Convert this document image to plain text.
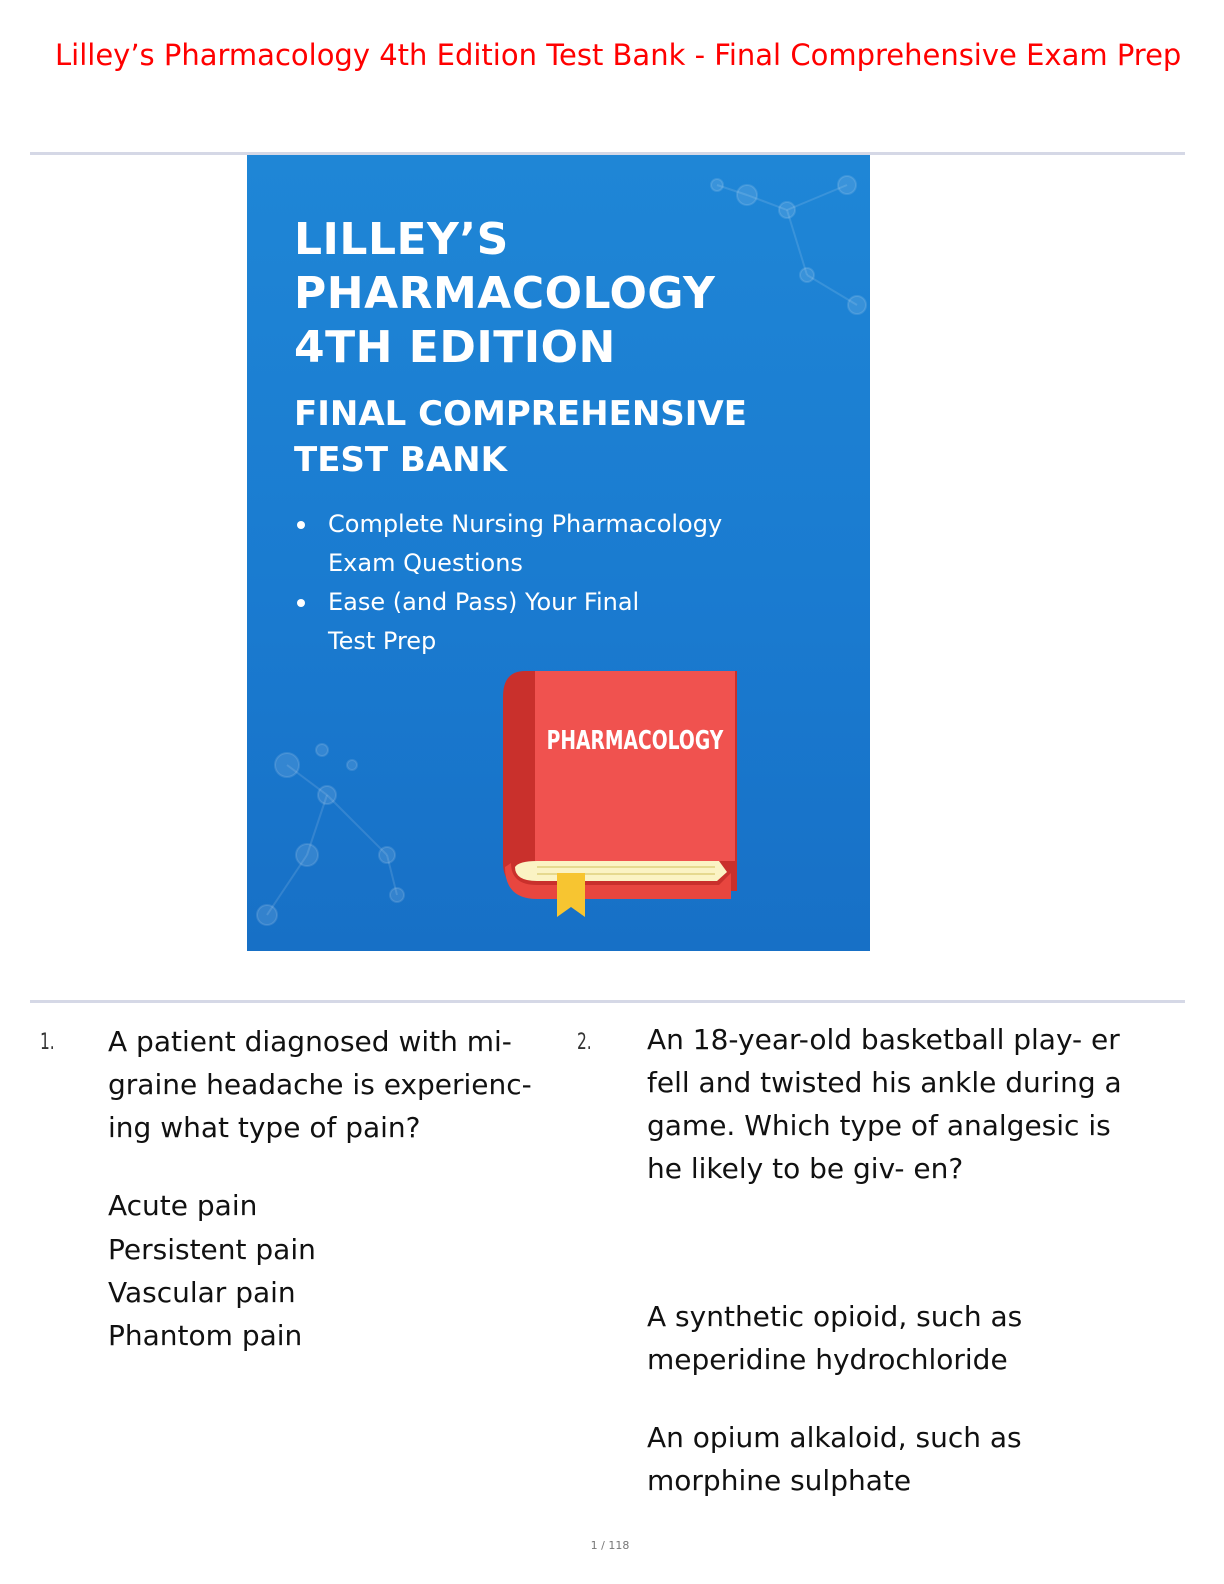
Lilley’s Pharmacology 4th Edition Test Bank - Final Comprehensive Exam Prep
LILLEY’S
PHARMACOLOGY
4TH EDITION
FINAL COMPREHENSIVE
TEST BANK
Complete Nursing Pharmacology
Exam Questions
Ease (and Pass) Your Final
Test Prep
PHARMACOLOGY
1. A patient diagnosed with mi-
graine headache is experienc-
ing what type of pain?

Acute pain

Persistent pain

Vascular pain

Phantom pain

2. An 18-year-old basketball play- er
fell and twisted his ankle during a
game. Which type of analgesic is
he likely to be giv- en?

A synthetic opioid, such as
meperidine hydrochloride

An opium alkaloid, such as
morphine sulphate

1 / 118
